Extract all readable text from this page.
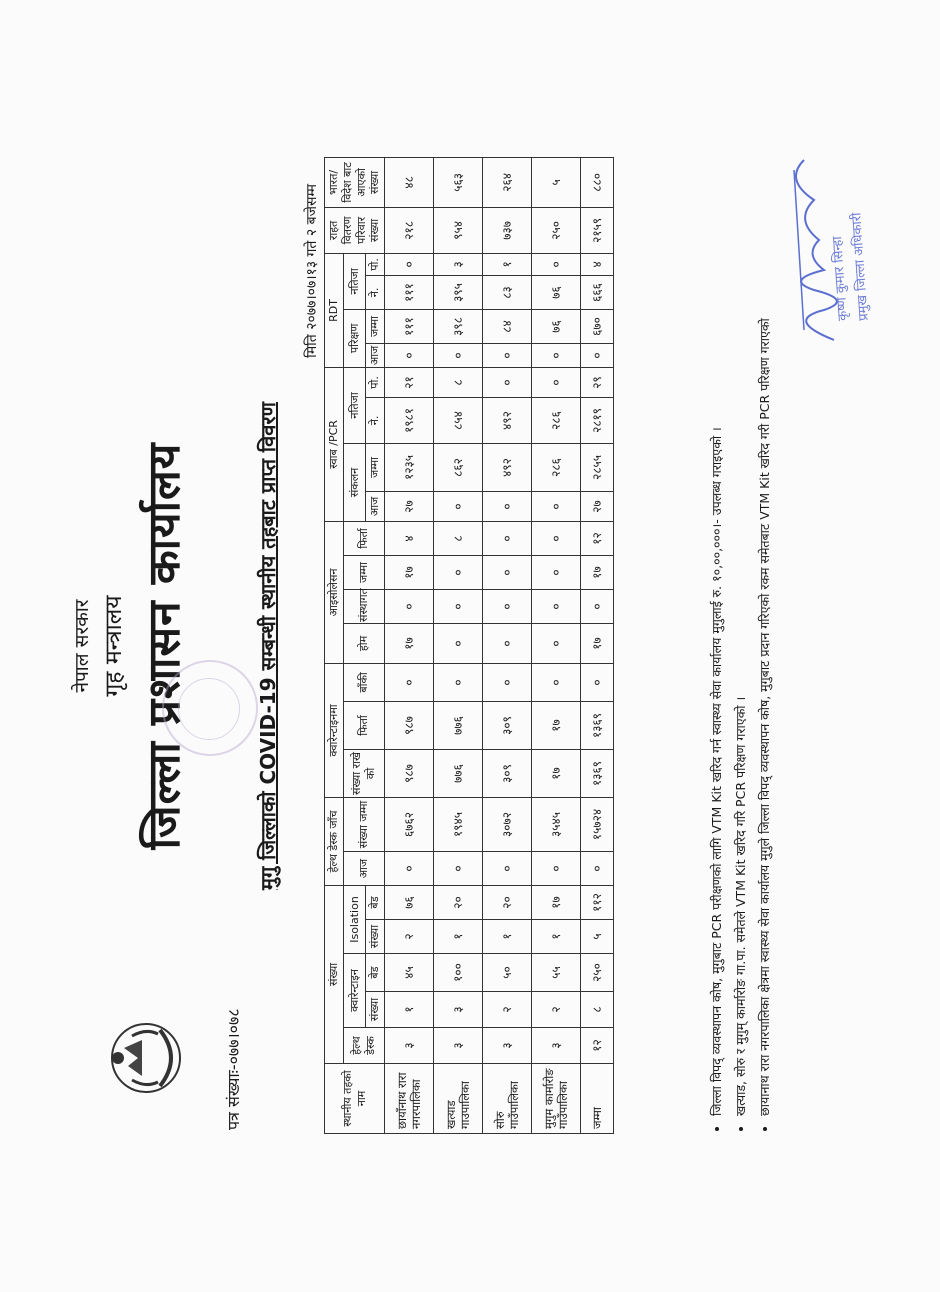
नेपाल सरकार गृह मन्त्रालय जिल्ला प्रशासन कार्यालय
पत्र संख्याः-०७७।०७८
मुगु जिल्लाको COVID-19 सम्बन्धी स्थानीय तहबाट प्राप्त विवरण
मिति २०७७।०७।१३ गते २ बजेसम्म
स्थानीय तहको नाम	संख्या					हेल्थ डेस्क जाँच		क्वारेन्टाइनमा			आइसोलेसन				स्वाब /PCR				RDT				राहत वितरण परिवार संख्या	भारत/ विदेश बाट आएको संख्या
	हेल्थ डेस्क	क्वारेन्टाइन		Isolation		आज	संख्या जम्मा	संख्या राखे को	फिर्ता	बाँकी	होम	संस्थागत	जम्मा	फिर्ता	संकलन		नतिजा		परिक्षण		नतिजा			
		संख्या	बेड	संख्या	बेड										आज	जम्मा	ने.	पो.	आज	जम्मा	ने.	पो.		
छायाँनाथ रारा नगरपालिका	३	१	४५	२	७६	०	६७६२	९८७	९८७	०	१७	०	१७	४	२७	१२३५	१९८१	२१	०	१११	१११	०	२१८	४८
खत्याड गाउपालिका	३	३	१००	१	२०	०	१९४५	७७६	७७६	०	०	०	०	८	०	८६२	८५४	८	०	३९८	३९५	३	९५४	५६३
सोरु गाउँपालिका	३	२	५०	१	२०	०	३०७२	३०९	३०९	०	०	०	०	०	०	४९२	४९२	०	०	८४	८३	१	७३७	२६४
मुगुम कार्मारोङ गाउँपालिका	३	२	५५	१	१७	०	३५४५	१७	१७	०	०	०	०	०	०	२८६	२८६	०	०	७६	७६	०	२५०	५
जम्मा	१२	८	२५०	५	११२	०	१५७२४	१३६९	१३६९	०	१७	०	१७	१२	२७	२८५५	२८१९	२९	०	६७०	६६६	४	२१५९	८८०
• जिल्ला विपद् व्यवस्थापन कोष, मुगुबाट PCR परीक्षणको लागि VTM Kit खरिद गर्न स्वास्थ्य सेवा कार्यालय मुगुलाई रु. १०,००,०००।- उपलब्ध गराइएको । • खत्याड, सोरु र मुगुम् कार्मारोङ गा.पा. समेतले VTM Kit खरिद गरि PCR परिक्षण गराएको । • छायानाथ रारा नगरपालिका क्षेत्रमा स्वास्थ्य सेवा कार्यालय मुगुले जिल्ला विपद् व्यवस्थापन कोष, मुगुबाट प्रदान गरिएको रकम समेतबाट VTM Kit खरिद गरी PCR परिक्षण गराएको
कृष्ण कुमार सिन्हा
प्रमुख जिल्ला अधिकारी
